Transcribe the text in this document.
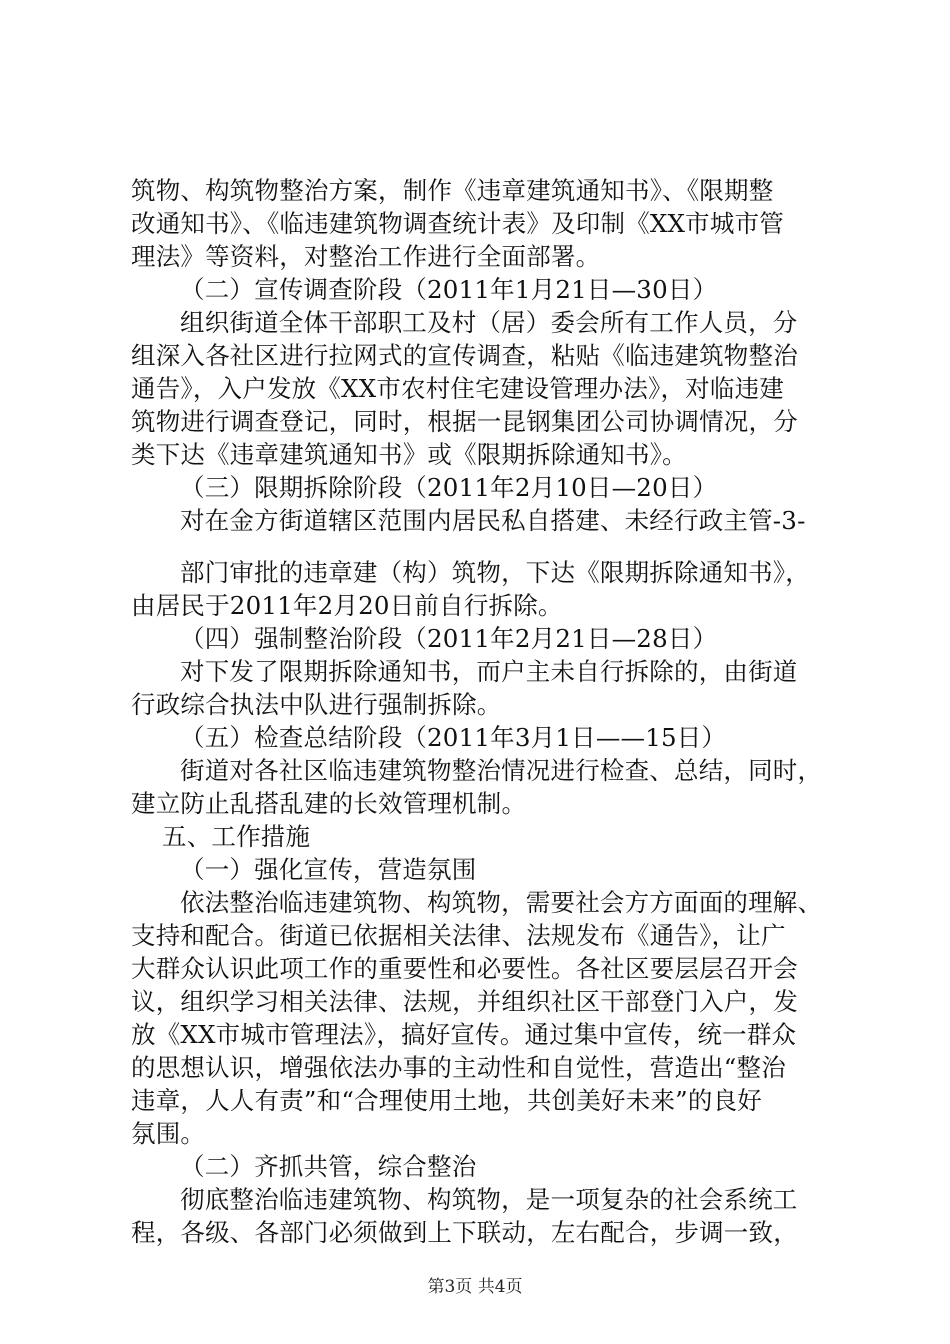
筑物、构筑物整治方案，制作《违章建筑通知书》、《限期整
改通知书》、《临违建筑物调查统计表》及印制《XX市城市管
理法》等资料，对整治工作进行全面部署。
（二）宣传调查阶段（2011年1月21日—30日）
组织街道全体干部职工及村（居）委会所有工作人员，分
组深入各社区进行拉网式的宣传调查，粘贴《临违建筑物整治
通告》，入户发放《XX市农村住宅建设管理办法》，对临违建
筑物进行调查登记，同时，根据一昆钢集团公司协调情况，分
类下达《违章建筑通知书》或《限期拆除通知书》。
（三）限期拆除阶段（2011年2月10日—20日）
对在金方街道辖区范围内居民私自搭建、未经行政主管-3-
部门审批的违章建（构）筑物，下达《限期拆除通知书》，
由居民于2011年2月20日前自行拆除。
（四）强制整治阶段（2011年2月21日—28日）
对下发了限期拆除通知书，而户主未自行拆除的，由街道
行政综合执法中队进行强制拆除。
（五）检查总结阶段（2011年3月1日——15日）
街道对各社区临违建筑物整治情况进行检查、总结，同时，
建立防止乱搭乱建的长效管理机制。
五、工作措施
（一）强化宣传，营造氛围
依法整治临违建筑物、构筑物，需要社会方方面面的理解、
支持和配合。街道已依据相关法律、法规发布《通告》，让广
大群众认识此项工作的重要性和必要性。各社区要层层召开会
议，组织学习相关法律、法规，并组织社区干部登门入户，发
放《XX市城市管理法》，搞好宣传。通过集中宣传，统一群众
的思想认识，增强依法办事的主动性和自觉性，营造出“整治
违章，人人有责”和“合理使用土地，共创美好未来”的良好
氛围。
（二）齐抓共管，综合整治
彻底整治临违建筑物、构筑物，是一项复杂的社会系统工
程，各级、各部门必须做到上下联动，左右配合，步调一致，
第3页 共4页
